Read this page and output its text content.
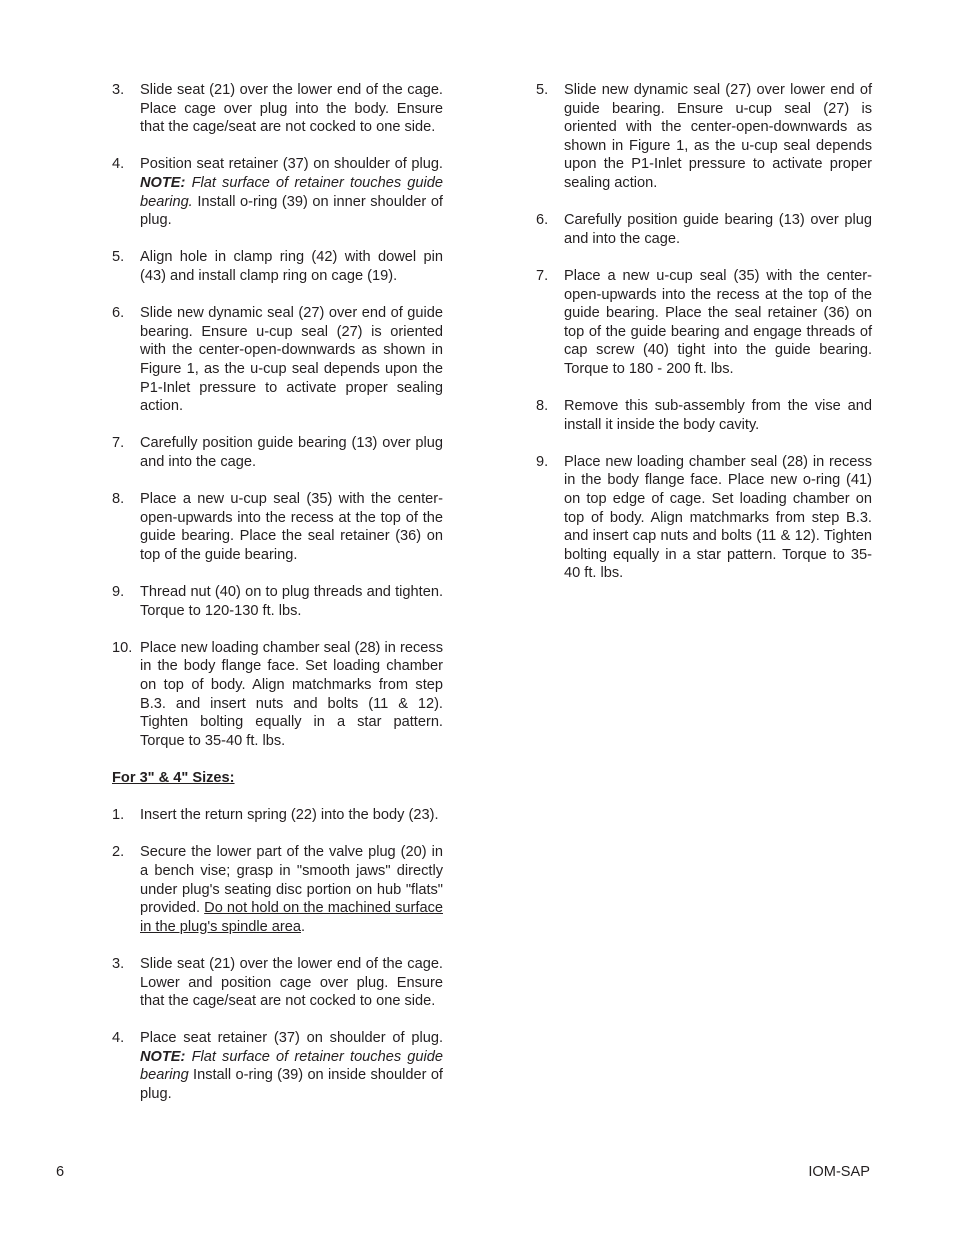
3.	Slide seat (21) over the lower end of the cage. Place cage over plug into the body. Ensure that the cage/seat are not cocked to one side.
4.	Position seat retainer (37) on shoulder of plug. NOTE: Flat surface of retainer touches guide bearing. Install o-ring (39) on inner shoulder of plug.
5.	Align hole in clamp ring (42) with dowel pin (43) and install clamp ring on cage (19).
6.	Slide new dynamic seal (27) over end of guide bearing. Ensure u-cup seal (27) is oriented with the center-open-downwards as shown in Figure 1, as the u-cup seal depends upon the P1-Inlet pressure to activate proper sealing action.
7.	Carefully position guide bearing (13) over plug and into the cage.
8.	Place a new u-cup seal (35) with the center-open-upwards into the recess at the top of the guide bearing. Place the seal retainer (36) on top of the guide bearing.
9.	Thread nut (40) on to plug threads and tighten. Torque to 120-130 ft. lbs.
10. Place new loading chamber seal (28) in recess in the body flange face. Set loading chamber on top of body. Align matchmarks from step B.3. and insert nuts and bolts (11 & 12). Tighten bolting equally in a star pattern. Torque to 35-40 ft. lbs.
For 3" & 4" Sizes:
1.	Insert the return spring (22) into the body (23).
2.	Secure the lower part of the valve plug (20) in a bench vise; grasp in "smooth jaws" directly under plug's seating disc portion on hub "flats" provided. Do not hold on the machined surface in the plug's spindle area.
3.	Slide seat (21) over the lower end of the cage. Lower and position cage over plug. Ensure that the cage/seat are not cocked to one side.
4.	Place seat retainer (37) on shoulder of plug. NOTE: Flat surface of retainer touches guide bearing Install o-ring (39) on inside shoulder of plug.
5.	Slide new dynamic seal (27) over lower end of guide bearing. Ensure u-cup seal (27) is oriented with the center-open-downwards as shown in Figure 1, as the u-cup seal depends upon the P1-Inlet pressure to activate proper sealing action.
6.	Carefully position guide bearing (13) over plug and into the cage.
7.	Place a new u-cup seal (35) with the center-open-upwards into the recess at the top of the guide bearing. Place the seal retainer (36) on top of the guide bearing and engage threads of cap screw (40) tight into the guide bearing. Torque to 180 - 200 ft. lbs.
8.	Remove this sub-assembly from the vise and install it inside the body cavity.
9.	Place new loading chamber seal (28) in recess in the body flange face. Place new o-ring (41) on top edge of cage. Set loading chamber on top of body. Align matchmarks from step B.3. and insert cap nuts and bolts (11 & 12). Tighten bolting equally in a star pattern. Torque to 35-40 ft. lbs.
6	IOM-SAP
